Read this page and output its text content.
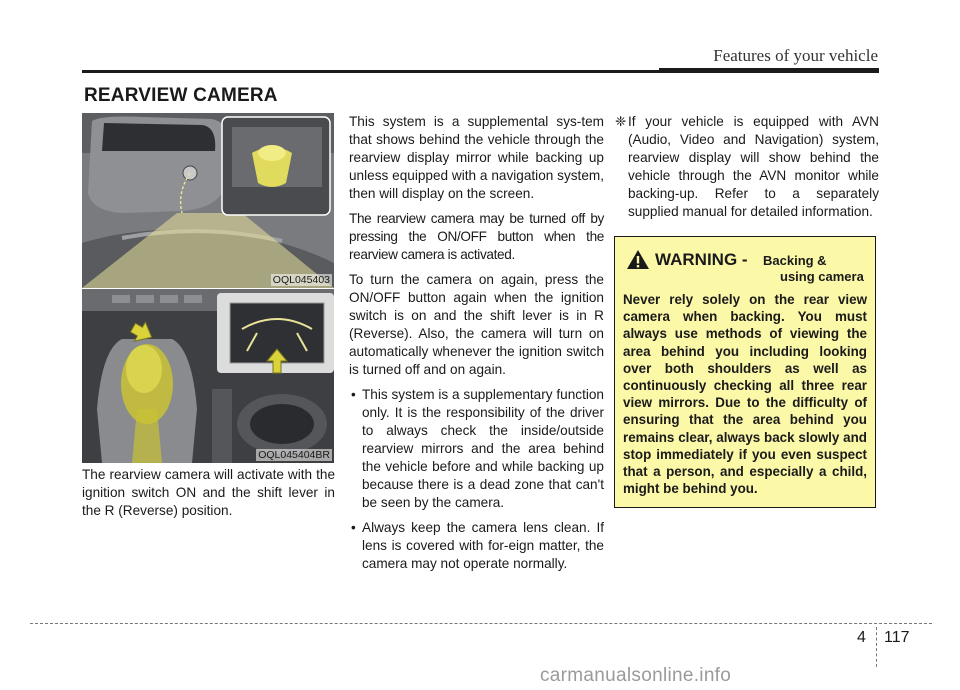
Features of your vehicle
REARVIEW CAMERA
OQL045403
OQL045404BR

The rearview camera will activate with the ignition switch ON and the shift lever in the R (Reverse) position.

This system is a supplemental sys-tem that shows behind the vehicle through the rearview display mirror while backing up unless equipped with a navigation system, then will display on the screen.

The rearview camera may be turned off by pressing the ON/OFF button when the rearview camera is activated.

To turn the camera on again, press the ON/OFF button again when the ignition switch is on and the shift lever is in R (Reverse). Also, the camera will turn on automatically whenever the ignition switch is turned off and on again.

• This system is a supplementary function only. It is the responsibility of the driver to always check the inside/outside rearview mirrors and the area behind the vehicle before and while backing up because there is a dead zone that can't be seen by the camera.
• Always keep the camera lens clean. If lens is covered with for-eign matter, the camera may not operate normally.
❈ If your vehicle is equipped with AVN (Audio, Video and Navigation) system, rearview display will show behind the vehicle through the AVN monitor while backing-up. Refer to a separately supplied manual for detailed information.

WARNING - Backing &
using camera

Never rely solely on the rear view camera when backing. You must always use methods of viewing the area behind you including looking over both shoulders as well as continuously checking all three rear view mirrors. Due to the difficulty of ensuring that the area behind you remains clear, always back slowly and stop immediately if you even suspect that a person, and especially a child, might be behind you.

4 117
carmanualsonline.info
